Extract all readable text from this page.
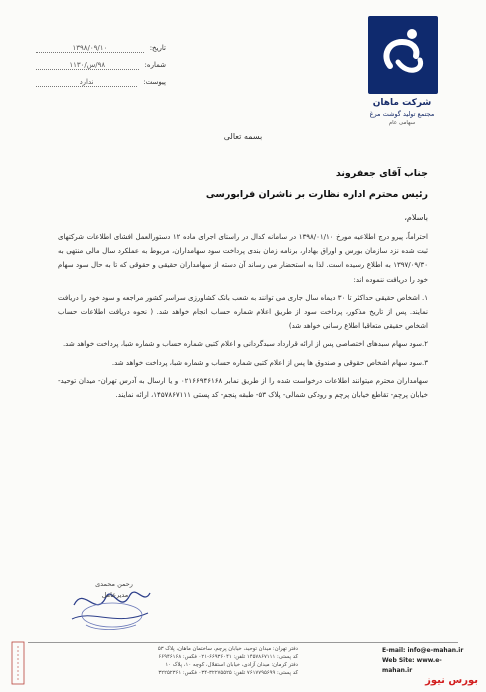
شرکت ماهان
مجتمع تولید گوشت مرغ
سهامی عام
تاریخ:
۱۳۹۸/۰۹/۱۰
شماره:
۹۸/س/۱۱۳۰
پیوست:
ندارد
بسمه تعالی
جناب آقای جعفروند
رئیس محترم اداره نظارت بر ناشران فرابورسی
باسلام،

احتراماً، پیرو درج اطلاعیه مورخ ۱۳۹۸/۰۱/۱۰ در سامانه کدال در راستای اجرای ماده ۱۲ دستورالعمل افشای اطلاعات شرکتهای ثبت شده نزد سازمان بورس و اوراق بهادار، برنامه زمان بندی پرداخت سود سهامداران، مربوط به عملکرد سال مالی منتهی به ۱۳۹۷/۰۹/۳۰ به اطلاع رسیده است. لذا به استحضار می رساند آن دسته از سهامداران حقیقی و حقوقی که تا به حال سود سهام خود را دریافت ننموده اند:

۱. اشخاص حقیقی حداکثر تا ۳۰ دیماه سال جاری می توانند به شعب بانک کشاورزی سراسر کشور مراجعه و سود خود را دریافت نمایند. پس از تاریخ مذکور، پرداخت سود از طریق اعلام شماره حساب انجام خواهد شد. ( نحوه دریافت اطلاعات حساب اشخاص حقیقی متعاقبا اطلاع رسانی خواهد شد)

۲.سود سهام سبدهای اختصاصی پس از ارائه قرارداد سبدگردانی و اعلام کتبی شماره حساب و شماره شبا، پرداخت خواهد شد.

۳.سود سهام اشخاص حقوقی و صندوق ها پس از اعلام کتبی شماره حساب و شماره شبا، پرداخت خواهد شد.

سهامداران محترم میتوانند اطلاعات درخواست شده را از طریق نمابر ۰۲۱۶۶۹۴۶۱۶۸ و یا ارسال به آدرس تهران- میدان توحید- خیابان پرچم- تقاطع خیابان پرچم و رودکی شمالی- پلاک ۵۳- طبقه پنجم- کد پستی ۱۴۵۷۸۶۷۱۱۱، ارائه نمایند.

رحمن محمدی
مدیرعامل
دفتر تهران: میدان توحید، خیابان پرچم، ساختمان ماهان، پلاک ۵۳
کد پستی: ۱۴۵۷۸۶۷۱۱۱ تلفن: ۶۶۹۳۶۰۴۱-۰۲۱ فکس: ۶۶۹۴۶۱۶۸
دفتر کرمان: میدان آزادی، خیابان استقلال، کوچه ۱۰، پلاک ۱۰
کد پستی: ۷۶۱۷۷۹۵۶۹۹ تلفن: ۳۲۲۷۵۵۲۵-۰۳۴ فکس: ۳۲۲۵۲۳۶۱
E-mail: info@e-mahan.ir
Web Site: www.e-mahan.ir
بورس نیوز
